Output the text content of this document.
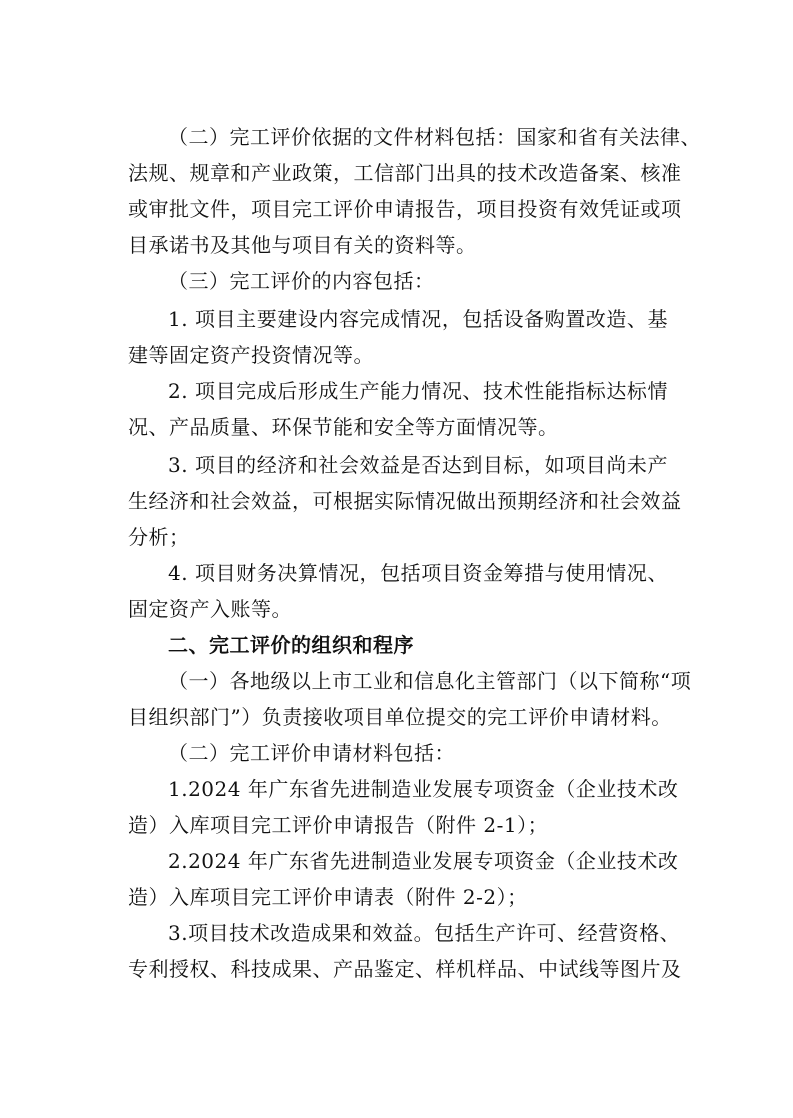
（二）完工评价依据的文件材料包括：国家和省有关法律、
法规、规章和产业政策，工信部门出具的技术改造备案、核准
或审批文件，项目完工评价申请报告，项目投资有效凭证或项
目承诺书及其他与项目有关的资料等。
（三）完工评价的内容包括：
1. 项目主要建设内容完成情况，包括设备购置改造、基
建等固定资产投资情况等。
2. 项目完成后形成生产能力情况、技术性能指标达标情
况、产品质量、环保节能和安全等方面情况等。
3. 项目的经济和社会效益是否达到目标，如项目尚未产
生经济和社会效益，可根据实际情况做出预期经济和社会效益
分析；
4. 项目财务决算情况，包括项目资金筹措与使用情况、
固定资产入账等。
二、完工评价的组织和程序
（一）各地级以上市工业和信息化主管部门（以下简称“项
目组织部门”）负责接收项目单位提交的完工评价申请材料。
（二）完工评价申请材料包括：
1.2024 年广东省先进制造业发展专项资金（企业技术改
造）入库项目完工评价申请报告（附件 2-1）；
2.2024 年广东省先进制造业发展专项资金（企业技术改
造）入库项目完工评价申请表（附件 2-2）；
3.项目技术改造成果和效益。包括生产许可、经营资格、
专利授权、科技成果、产品鉴定、样机样品、中试线等图片及
